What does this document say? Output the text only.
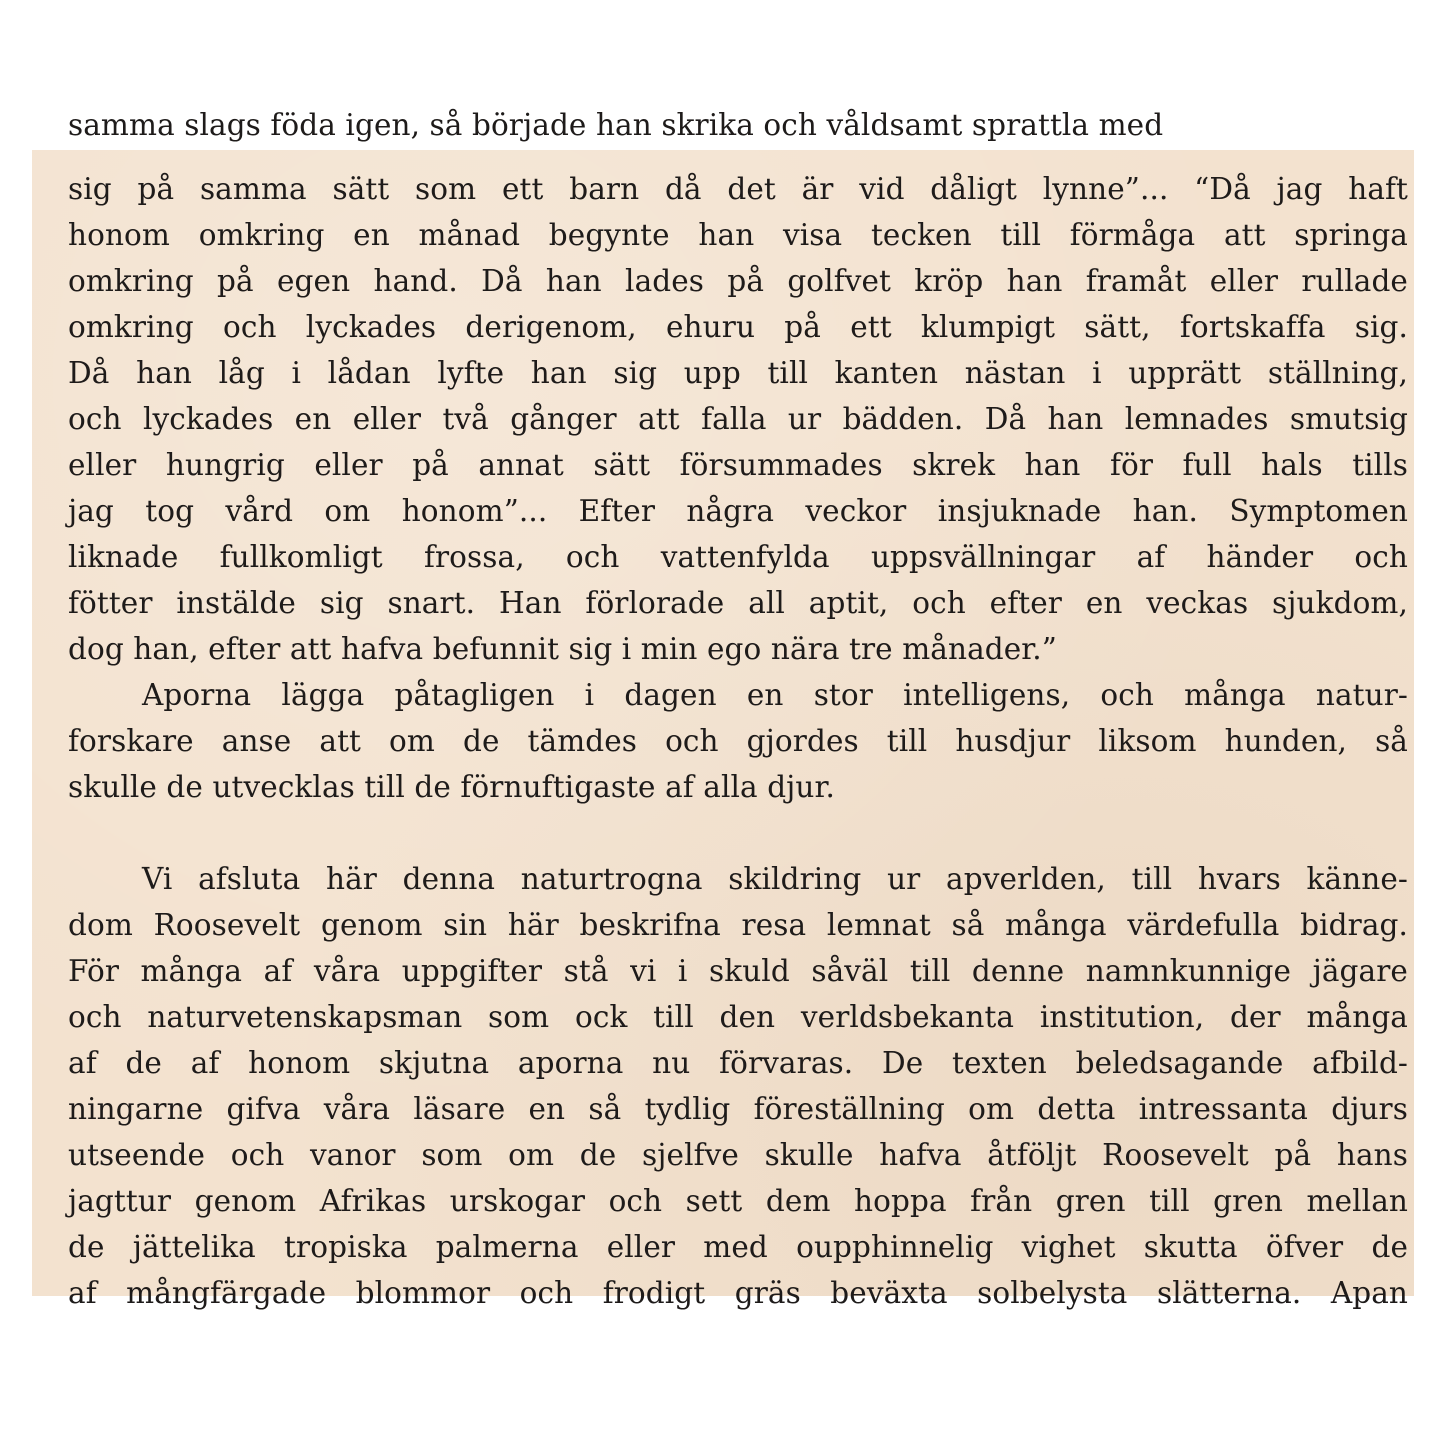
samma slags föda igen, så började han skrika och våldsamt sprattla med
sig på samma sätt som ett barn då det är vid dåligt lynne”... “Då jag haft
honom omkring en månad begynte han visa tecken till förmåga att springa
omkring på egen hand. Då han lades på golfvet kröp han framåt eller rullade
omkring och lyckades derigenom, ehuru på ett klumpigt sätt, fortskaffa sig.
Då han låg i lådan lyfte han sig upp till kanten nästan i upprätt ställning,
och lyckades en eller två gånger att falla ur bädden. Då han lemnades smutsig
eller hungrig eller på annat sätt försummades skrek han för full hals tills
jag tog vård om honom”... Efter några veckor insjuknade han. Symptomen
liknade fullkomligt frossa, och vattenfylda uppsvällningar af händer och
fötter instälde sig snart. Han förlorade all aptit, och efter en veckas sjukdom,
dog han, efter att hafva befunnit sig i min ego nära tre månader.”
Aporna lägga påtagligen i dagen en stor intelligens, och många natur-
forskare anse att om de tämdes och gjordes till husdjur liksom hunden, så
skulle de utvecklas till de förnuftigaste af alla djur.
Vi afsluta här denna naturtrogna skildring ur apverlden, till hvars känne-
dom Roosevelt genom sin här beskrifna resa lemnat så många värdefulla bidrag.
För många af våra uppgifter stå vi i skuld såväl till denne namnkunnige jägare
och naturvetenskapsman som ock till den verldsbekanta institution, der många
af de af honom skjutna aporna nu förvaras. De texten beledsagande afbild-
ningarne gifva våra läsare en så tydlig föreställning om detta intressanta djurs
utseende och vanor som om de sjelfve skulle hafva åtföljt Roosevelt på hans
jagttur genom Afrikas urskogar och sett dem hoppa från gren till gren mellan
de jättelika tropiska palmerna eller med oupphinnelig vighet skutta öfver de
af mångfärgade blommor och frodigt gräs beväxta solbelysta slätterna. Apan
